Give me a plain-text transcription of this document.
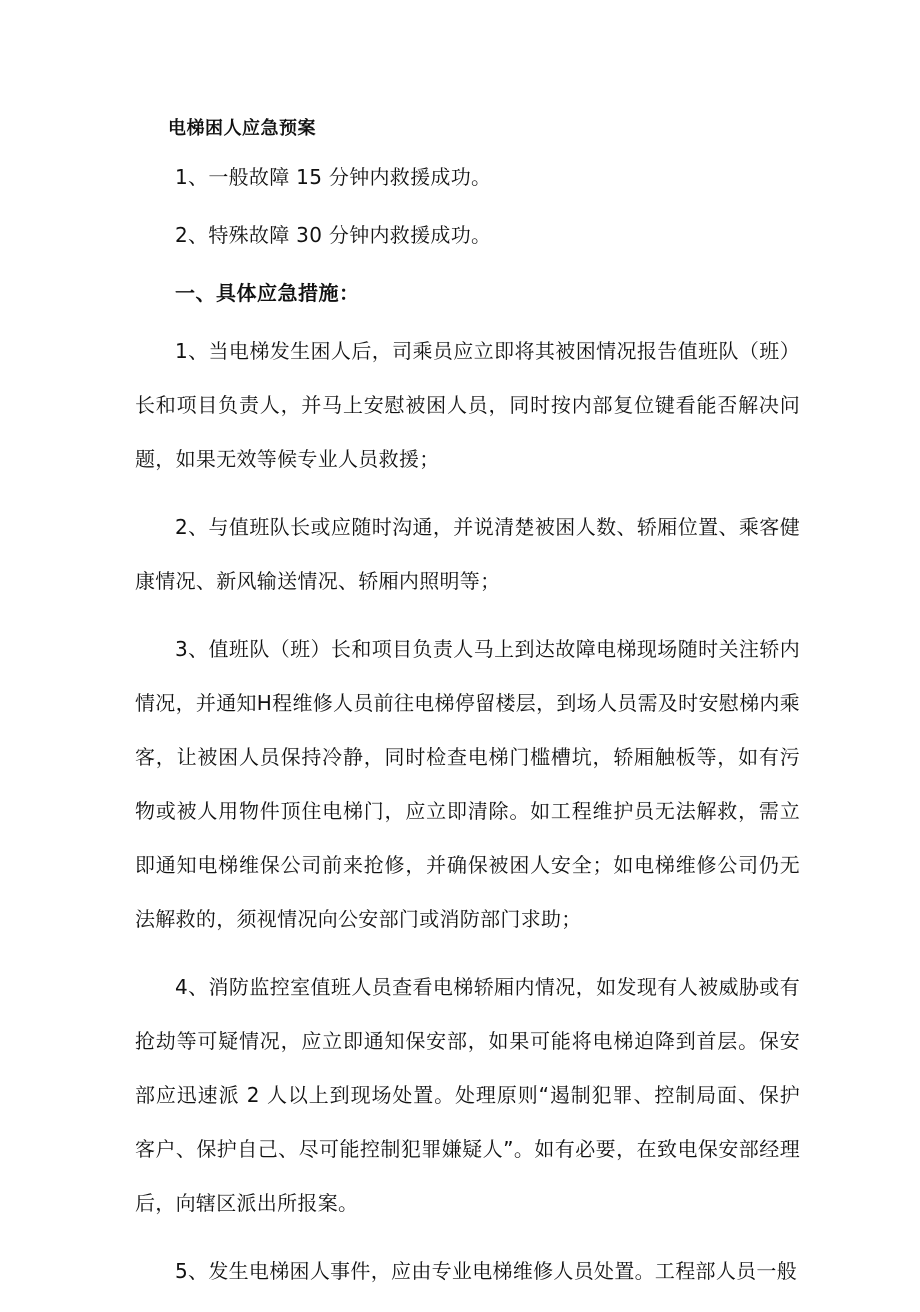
电梯困人应急预案

1、一般故障 15 分钟内救援成功。

2、特殊故障 30 分钟内救援成功。

一、具体应急措施：

1、当电梯发生困人后，司乘员应立即将其被困情况报告值班队（班）长和项目负责人，并马上安慰被困人员，同时按内部复位键看能否解决问题，如果无效等候专业人员救援；

2、与值班队长或应随时沟通，并说清楚被困人数、轿厢位置、乘客健康情况、新风输送情况、轿厢内照明等；

3、值班队（班）长和项目负责人马上到达故障电梯现场随时关注轿内情况，并通知H程维修人员前往电梯停留楼层，到场人员需及时安慰梯内乘客，让被困人员保持冷静，同时检查电梯门槛槽坑，轿厢触板等，如有污物或被人用物件顶住电梯门，应立即清除。如工程维护员无法解救，需立即通知电梯维保公司前来抢修，并确保被困人安全；如电梯维修公司仍无法解救的，须视情况向公安部门或消防部门求助；

4、消防监控室值班人员查看电梯轿厢内情况，如发现有人被威胁或有抢劫等可疑情况，应立即通知保安部，如果可能将电梯迫降到首层。保安部应迅速派 2 人以上到现场处置。处理原则“遏制犯罪、控制局面、保护客户、保护自己、尽可能控制犯罪嫌疑人”。如有必要，在致电保安部经理后，向辖区派出所报案。

5、发生电梯困人事件，应由专业电梯维修人员处置。工程部人员一般
